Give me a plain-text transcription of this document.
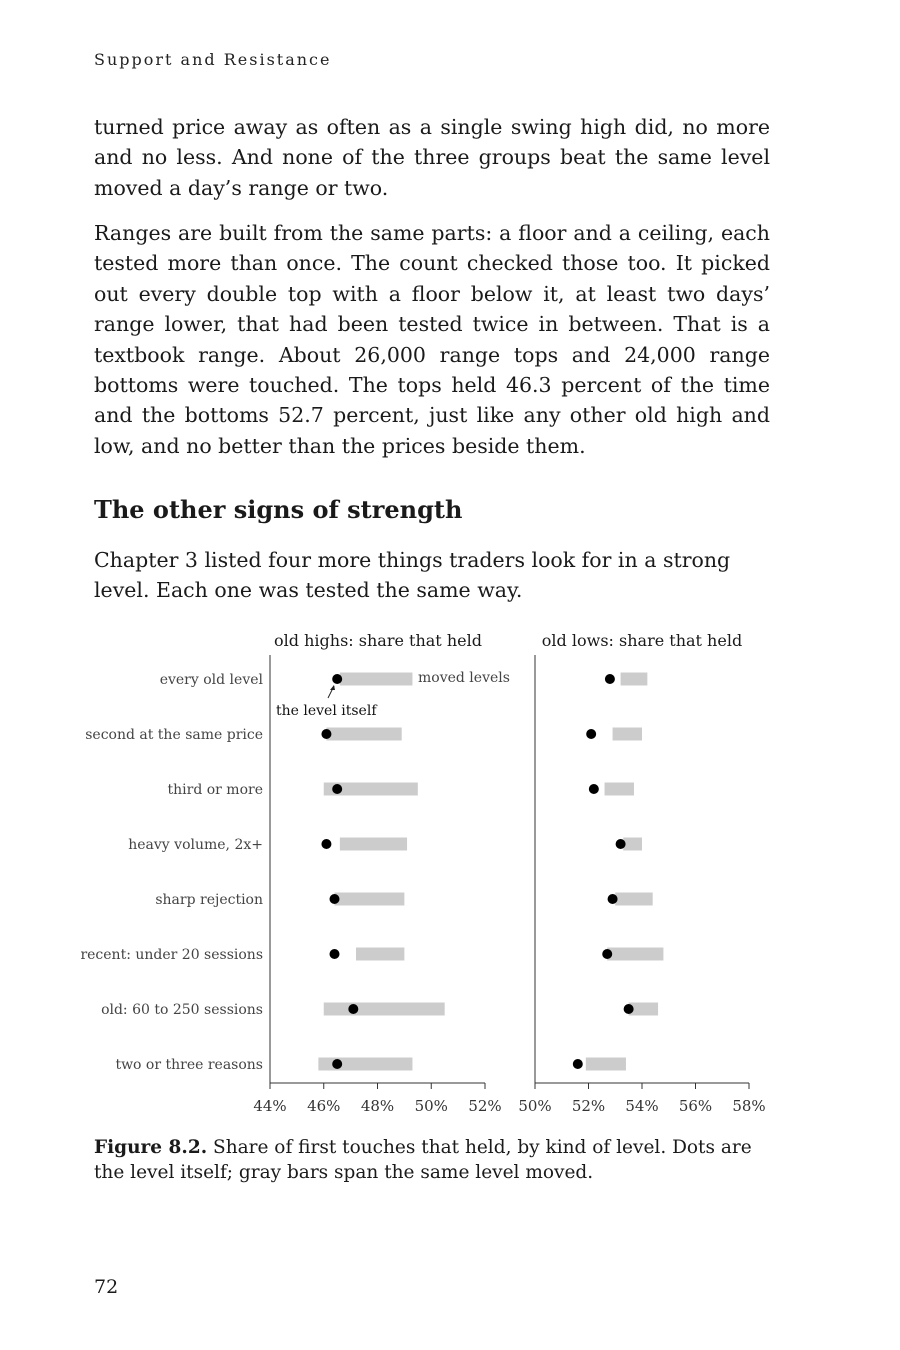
Support and Resistance

turned price away as often as a single swing high did, no more and no less. And none of the three groups beat the same level moved a day’s range or two.

Ranges are built from the same parts: a floor and a ceiling, each tested more than once. The count checked those too. It picked out every double top with a floor below it, at least two days’ range lower, that had been tested twice in between. That is a textbook range. About 26,000 range tops and 24,000 range bottoms were touched. The tops held 46.3 percent of the time and the bottoms 52.7 percent, just like any other old high and low, and no better than the prices beside them.

The other signs of strength

Chapter 3 listed four more things traders look for in a strong level. Each one was tested the same way.

old highs: share that held
44% 46% 48% 50% 52%
old lows: share that held
50% 52% 54% 56% 58%
every old level
second at the same price
third or more
heavy volume, 2x+
sharp rejection
recent: under 20 sessions
old: 60 to 250 sessions
two or three reasons
moved levels
the level itself

Figure 8.2. Share of first touches that held, by kind of level. Dots are the level itself; gray bars span the same level moved.

72
